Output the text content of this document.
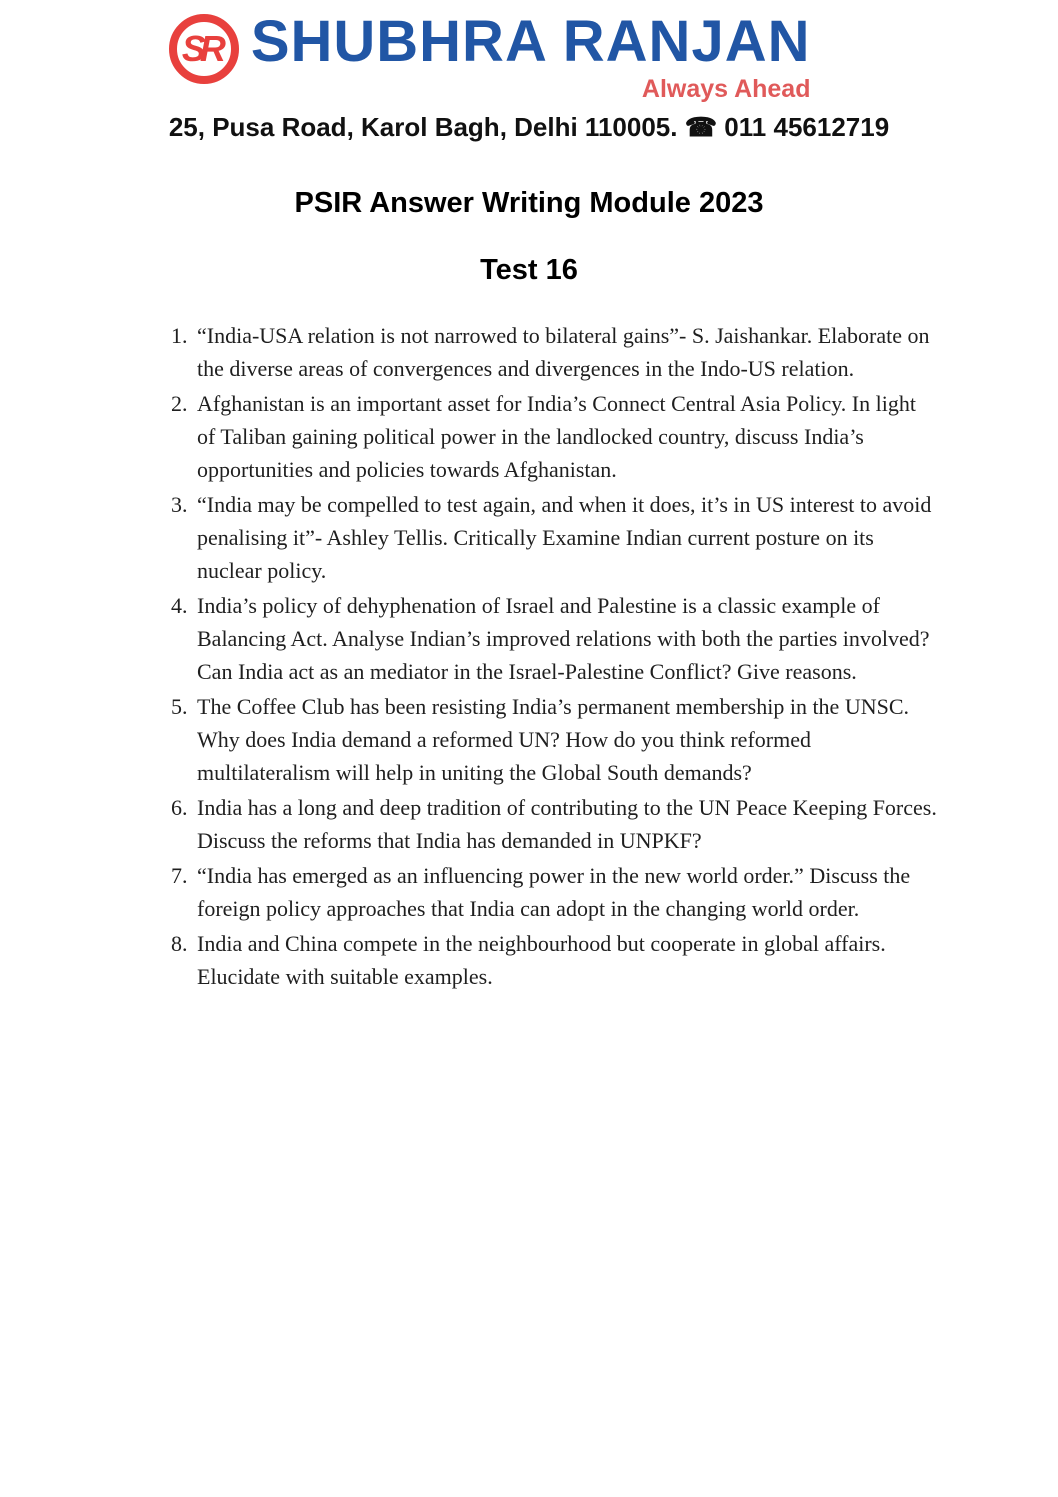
SR SHUBHRA RANJAN
Always Ahead
25, Pusa Road, Karol Bagh, Delhi 110005. ☎ 011 45612719
PSIR Answer Writing Module 2023
Test 16
1. “India-USA relation is not narrowed to bilateral gains”- S. Jaishankar. Elaborate on the diverse areas of convergences and divergences in the Indo-US relation.
2. Afghanistan is an important asset for India’s Connect Central Asia Policy. In light of Taliban gaining political power in the landlocked country, discuss India’s opportunities and policies towards Afghanistan.
3. “India may be compelled to test again, and when it does, it’s in US interest to avoid penalising it”- Ashley Tellis. Critically Examine Indian current posture on its nuclear policy.
4. India’s policy of dehyphenation of Israel and Palestine is a classic example of Balancing Act. Analyse Indian’s improved relations with both the parties involved? Can India act as an mediator in the Israel-Palestine Conflict? Give reasons.
5. The Coffee Club has been resisting India’s permanent membership in the UNSC. Why does India demand a reformed UN? How do you think reformed multilateralism will help in uniting the Global South demands?
6. India has a long and deep tradition of contributing to the UN Peace Keeping Forces. Discuss the reforms that India has demanded in UNPKF?
7. “India has emerged as an influencing power in the new world order.” Discuss the foreign policy approaches that India can adopt in the changing world order.
8. India and China compete in the neighbourhood but cooperate in global affairs. Elucidate with suitable examples.
